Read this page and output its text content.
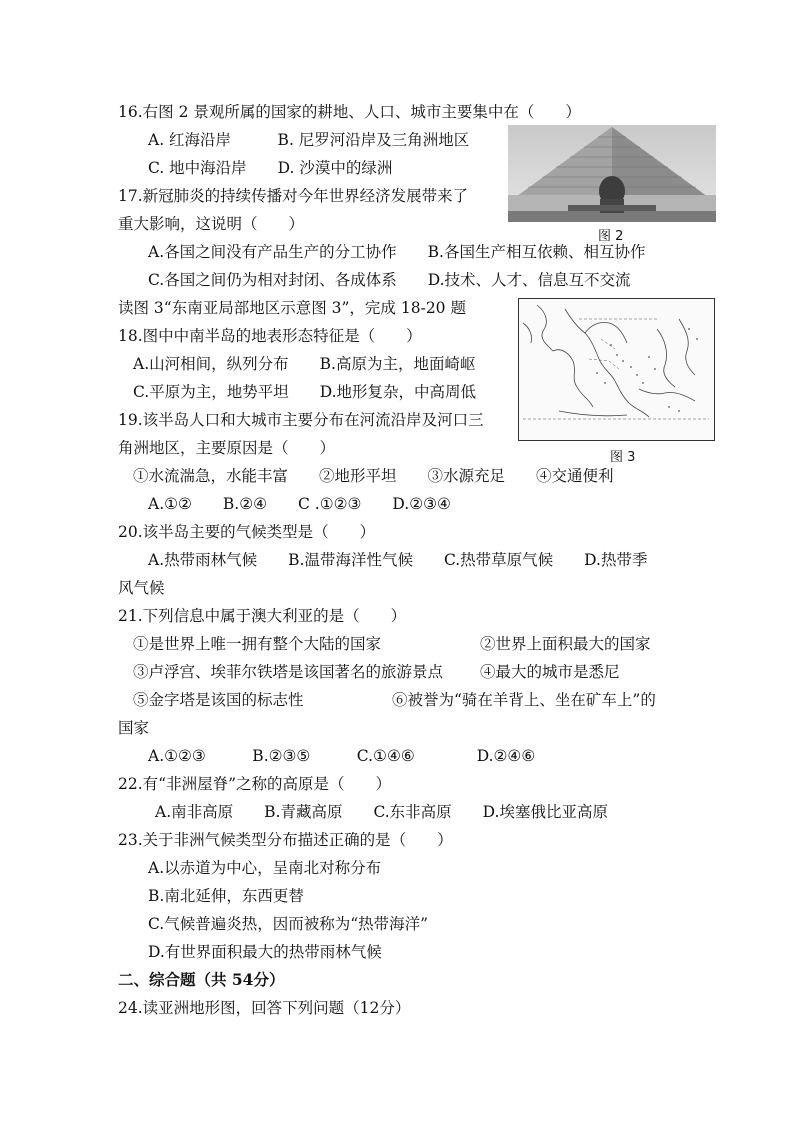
16.右图 2 景观所属的国家的耕地、人口、城市主要集中在（　　）
A. 红海沿岸　　　B. 尼罗河沿岸及三角洲地区
C. 地中海沿岸　　D. 沙漠中的绿洲
图 2
17.新冠肺炎的持续传播对今年世界经济发展带来了
重大影响，这说明（　　）
A.各国之间没有产品生产的分工协作　　B.各国生产相互依赖、相互协作
C.各国之间仍为相对封闭、各成体系　　D.技术、人才、信息互不交流
读图 3“东南亚局部地区示意图 3”，完成 18-20 题
图 3
18.图中中南半岛的地表形态特征是（　　）
A.山河相间，纵列分布　　B.高原为主，地面崎岖
C.平原为主，地势平坦　　D.地形复杂，中高周低
19.该半岛人口和大城市主要分布在河流沿岸及河口三
角洲地区，主要原因是（　　）
①水流湍急，水能丰富　　②地形平坦　　③水源充足　　④交通便利
A.①②　　B.②④　　C .①②③　　D.②③④
20.该半岛主要的气候类型是（　　）
A.热带雨林气候　　B.温带海洋性气候　　C.热带草原气候　　D.热带季
风气候
21.下列信息中属于澳大利亚的是（　　）
①是世界上唯一拥有整个大陆的国家	②世界上面积最大的国家
③卢浮宫、埃菲尔铁塔是该国著名的旅游景点 ④最大的城市是悉尼
⑤金字塔是该国的标志性	⑥被誉为“骑在羊背上、坐在矿车上”的
国家
A.①②③　　　B.②③⑤　　　C.①④⑥　　　　D.②④⑥
22.有“非洲屋脊”之称的高原是（　　）
A.南非高原　　B.青藏高原　　C.东非高原　　D.埃塞俄比亚高原
23.关于非洲气候类型分布描述正确的是（　　）
A.以赤道为中心，呈南北对称分布
B.南北延伸，东西更替
C.气候普遍炎热，因而被称为“热带海洋”
D.有世界面积最大的热带雨林气候
二、综合题（共 54分）
24.读亚洲地形图，回答下列问题（12分）
